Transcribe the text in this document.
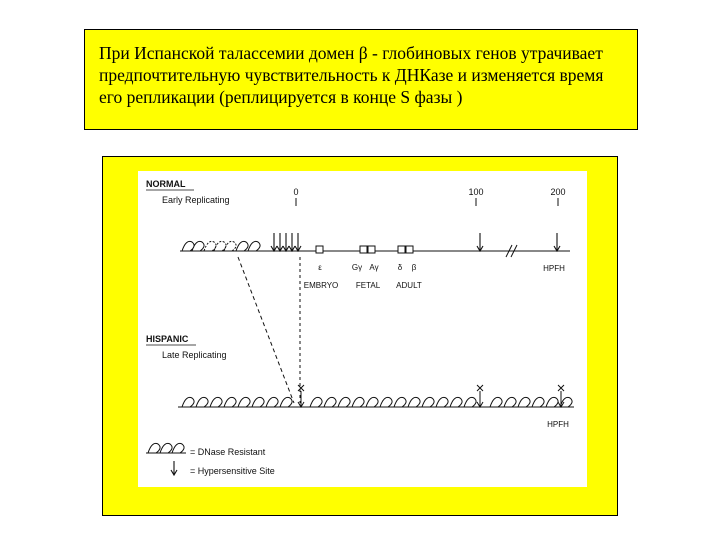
При Испанской талассемии домен β - глобиновых генов утрачивает
предпочтительную чувствительность к ДНКазе и изменяется время
его репликации (реплицируется в конце S фазы )
NORMAL
Early Replicating
0	100	200
ε	Gγ Aγ δ β
EMBRYO FETAL ADULT
HPFH
HISPANIC
Late Replicating
HPFH
= DNase Resistant
= Hypersensitive Site
